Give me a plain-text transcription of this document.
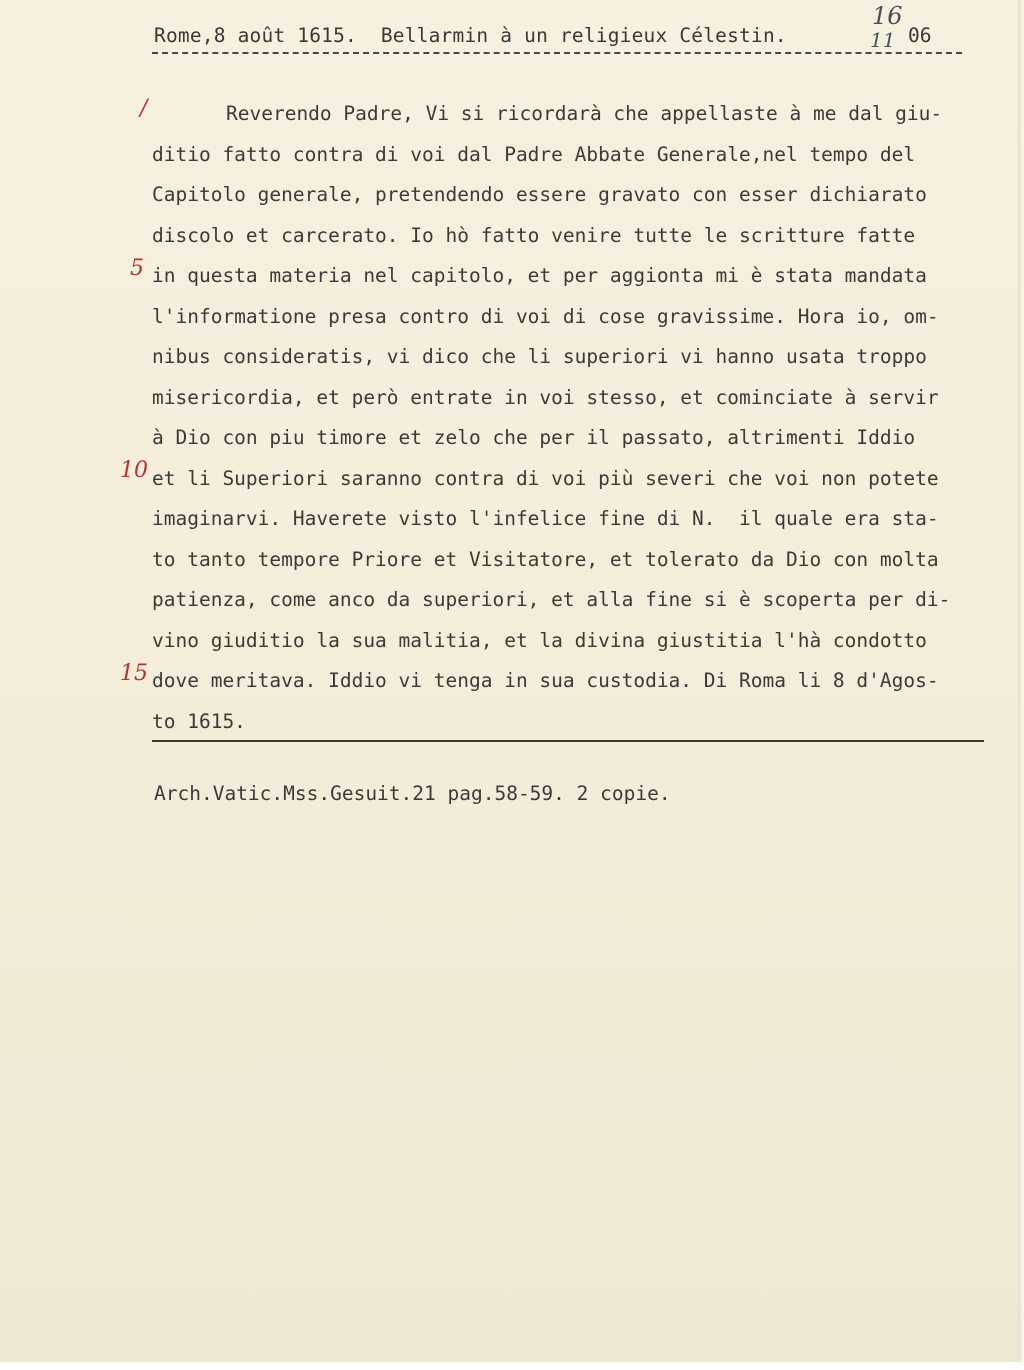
16
11
Rome,8 août 1615.  Bellarmin à un religieux Célestin.	06
/
5
10
15
Reverendo Padre, Vi si ricordarà che appellaste à me dal giu-
ditio fatto contra di voi dal Padre Abbate Generale,nel tempo del
Capitolo generale, pretendendo essere gravato con esser dichiarato
discolo et carcerato. Io hò fatto venire tutte le scritture fatte
in questa materia nel capitolo, et per aggionta mi è stata mandata
l'informatione presa contro di voi di cose gravissime. Hora io, om-
nibus consideratis, vi dico che li superiori vi hanno usata troppo
misericordia, et però entrate in voi stesso, et cominciate à servir
à Dio con piu timore et zelo che per il passato, altrimenti Iddio
et li Superiori saranno contra di voi più severi che voi non potete
imaginarvi. Haverete visto l'infelice fine di N.  il quale era sta-
to tanto tempore Priore et Visitatore, et tolerato da Dio con molta
patienza, come anco da superiori, et alla fine si è scoperta per di-
vino giuditio la sua malitia, et la divina giustitia l'hà condotto
dove meritava. Iddio vi tenga in sua custodia. Di Roma li 8 d'Agos-
to 1615.
Arch.Vatic.Mss.Gesuit.21 pag.58-59. 2 copie.
